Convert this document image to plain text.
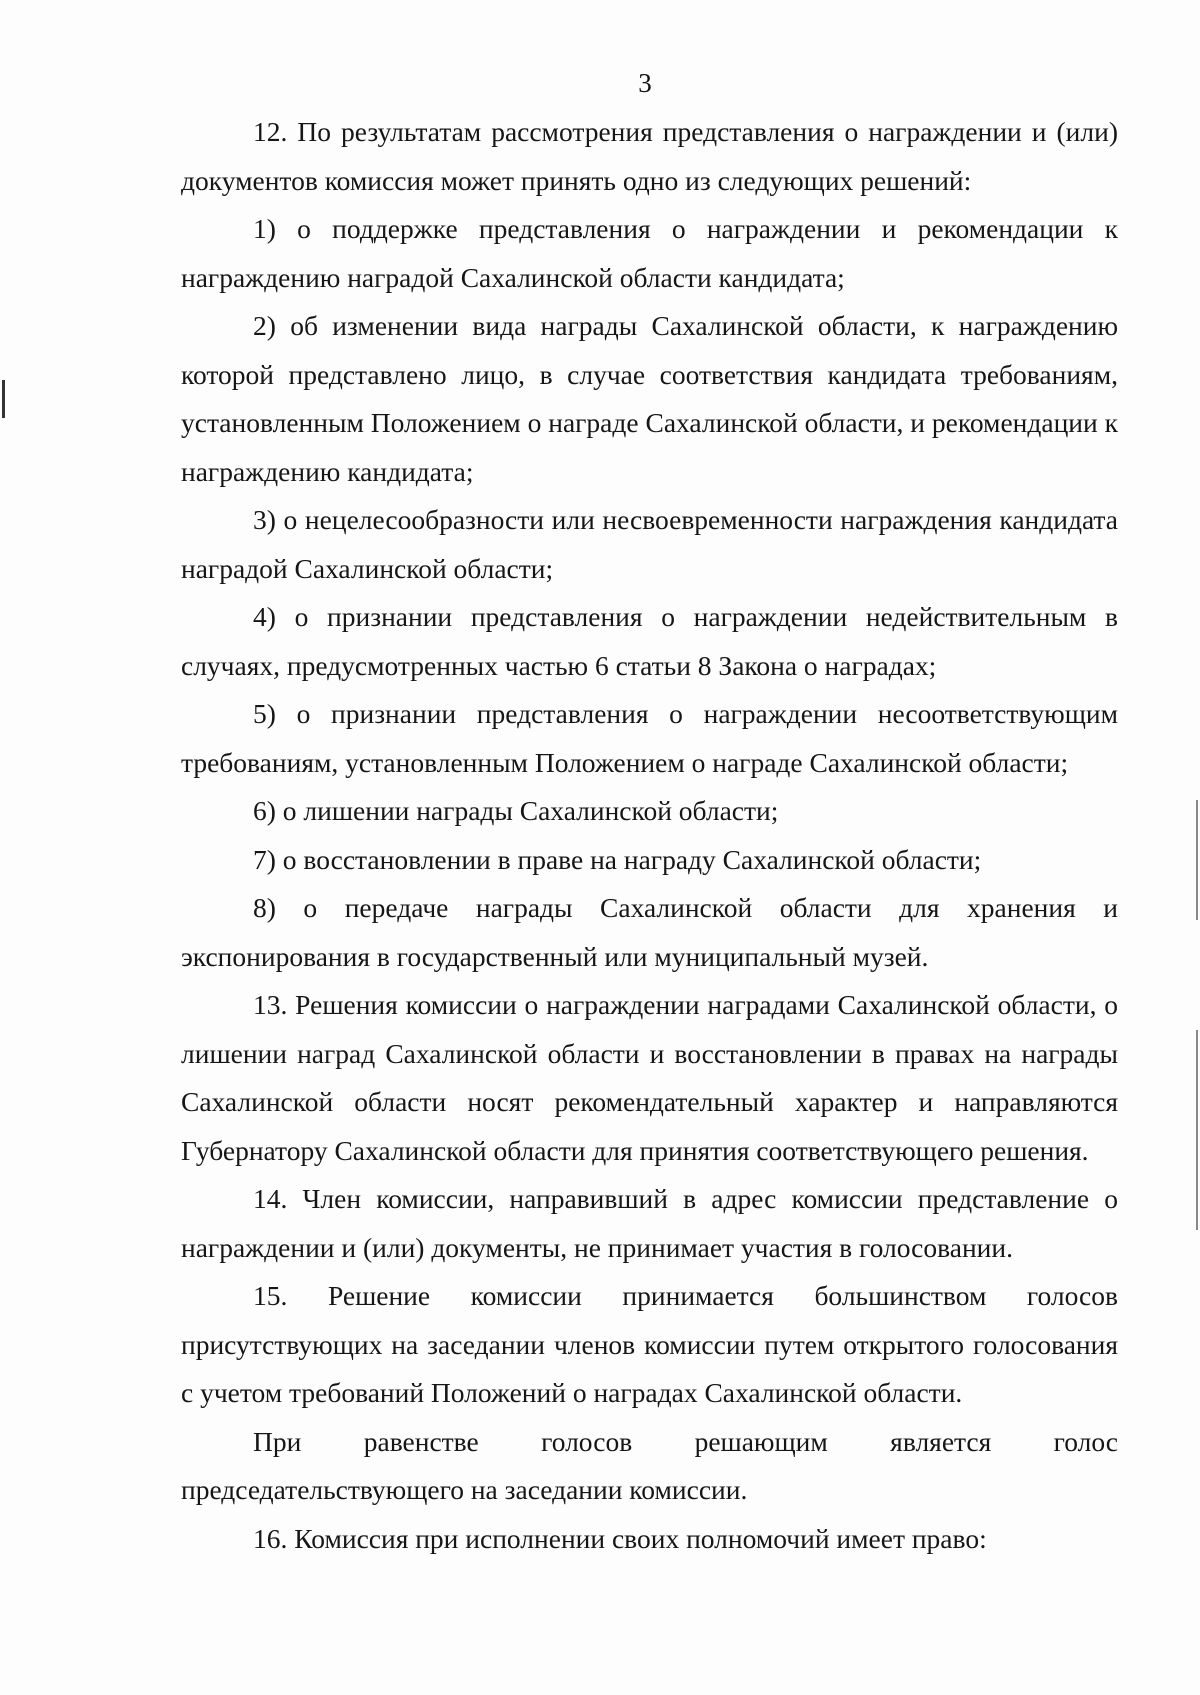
3

12. По результатам рассмотрения представления о награждении и (или) документов комиссия может принять одно из следующих решений:

1) о поддержке представления о награждении и рекомендации к награждению наградой Сахалинской области кандидата;

2) об изменении вида награды Сахалинской области, к награждению которой представлено лицо, в случае соответствия кандидата требованиям, установленным Положением о награде Сахалинской области, и рекомендации к награждению кандидата;

3) о нецелесообразности или несвоевременности награждения кандидата наградой Сахалинской области;

4) о признании представления о награждении недействительным в случаях, предусмотренных частью 6 статьи 8 Закона о наградах;

5) о признании представления о награждении несоответствующим требованиям, установленным Положением о награде Сахалинской области;

6) о лишении награды Сахалинской области;

7) о восстановлении в праве на награду Сахалинской области;

8) о передаче награды Сахалинской области для хранения и экспонирования в государственный или муниципальный музей.

13. Решения комиссии о награждении наградами Сахалинской области, о лишении наград Сахалинской области и восстановлении в правах на награды Сахалинской области носят рекомендательный характер и направляются Губернатору Сахалинской области для принятия соответствующего решения.

14. Член комиссии, направивший в адрес комиссии представление о награждении и (или) документы, не принимает участия в голосовании.

15. Решение комиссии принимается большинством голосов присутствующих на заседании членов комиссии путем открытого голосования с учетом требований Положений о наградах Сахалинской области.

При равенстве голосов решающим является голос председательствующего на заседании комиссии.

16. Комиссия при исполнении своих полномочий имеет право:
